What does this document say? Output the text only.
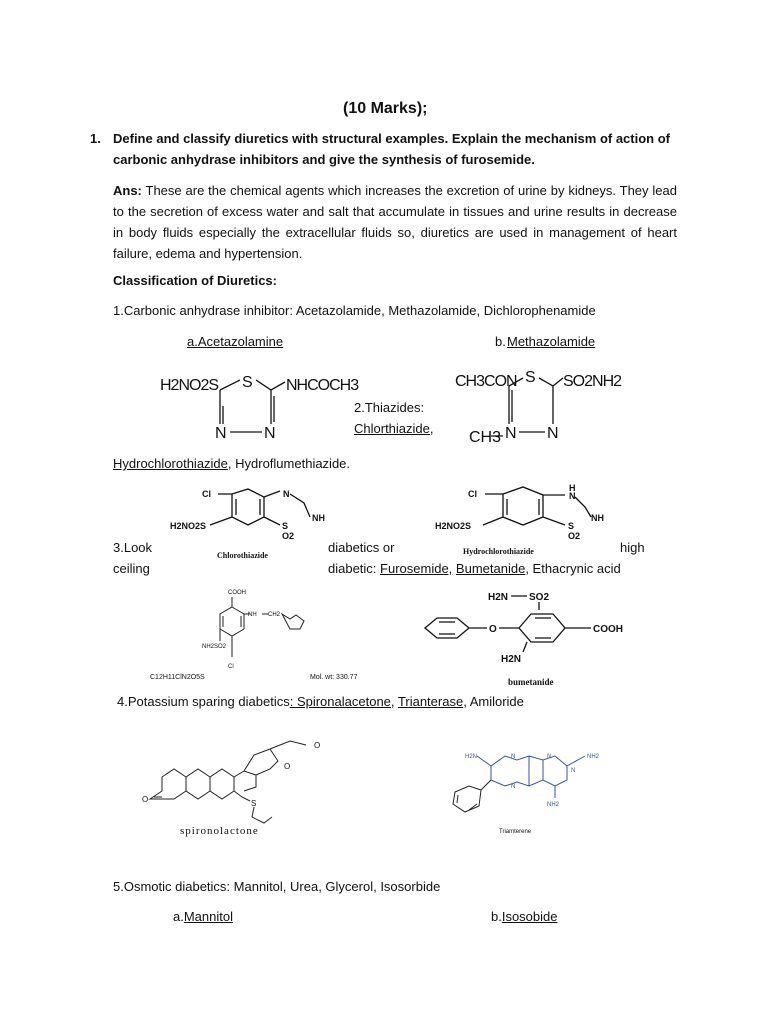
(10 Marks);
1. Define and classify diuretics with structural examples. Explain the mechanism of action of
carbonic anhydrase inhibitors and give the synthesis of furosemide.
Ans: These are the chemical agents which increases the excretion of urine by kidneys. They lead to the secretion of excess water and salt that accumulate in tissues and urine results in decrease in body fluids especially the extracellular fluids so, diuretics are used in management of heart failure, edema and hypertension.
Classification of Diuretics:
1.Carbonic anhydrase inhibitor: Acetazolamide, Methazolamide, Dichlorophenamide
a.Acetazolamine	b. Methazolamide
H2NO2S S NHCOCH3
N N
2.Thiazides:
Chlorthiazide,
CH3CON S SO2NH2
CH3 N N
Hydrochlorothiazide, Hydroflumethiazide.
Cl	N
NH
H2NO2S	S
O2
Chlorothiazide
Cl
H
N
NH
H2NO2S	S
O2
Hydrochlorothiazide
3.Look	diabetics or	high
ceiling	diabetic: Furosemide, Bumetanide, Ethacrynic acid
COOH
NH CH2
NH2SO2
Cl
C12H11ClN2O5S	Mol. wt: 330.77
H2N SO2
O	COOH
H2N
bumetanide
4.Potassium sparing diabetics: Spironalacetone, Trianterase, Amiloride
O
O
O	S
spironolactone
H2N	NH2
NH2
N	N
N
N
Triamterene
5.Osmotic diabetics: Mannitol, Urea, Glycerol, Isosorbide
a.Mannitol	b.Isosobide
